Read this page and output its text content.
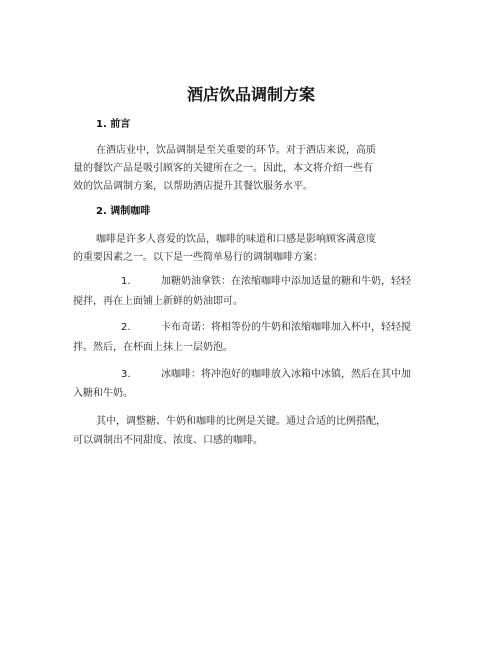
酒店饮品调制方案
1. 前言
在酒店业中，饮品调制是至关重要的环节。对于酒店来说，高质
量的餐饮产品是吸引顾客的关键所在之一。因此，本文将介绍一些有
效的饮品调制方案，以帮助酒店提升其餐饮服务水平。
2. 调制咖啡
咖啡是许多人喜爱的饮品，咖啡的味道和口感是影响顾客满意度
的重要因素之一。以下是一些简单易行的调制咖啡方案：
1.	加糖奶油拿铁：在浓缩咖啡中添加适量的糖和牛奶，轻轻
搅拌，再在上面铺上新鲜的奶油即可。
2.	卡布奇诺：将相等份的牛奶和浓缩咖啡加入杯中，轻轻搅
拌。然后，在杯面上抹上一层奶泡。
3.	冰咖啡：将冲泡好的咖啡放入冰箱中冰镇，然后在其中加
入糖和牛奶。
其中，调整糖、牛奶和咖啡的比例是关键。通过合适的比例搭配，
可以调制出不同甜度、浓度、口感的咖啡。
